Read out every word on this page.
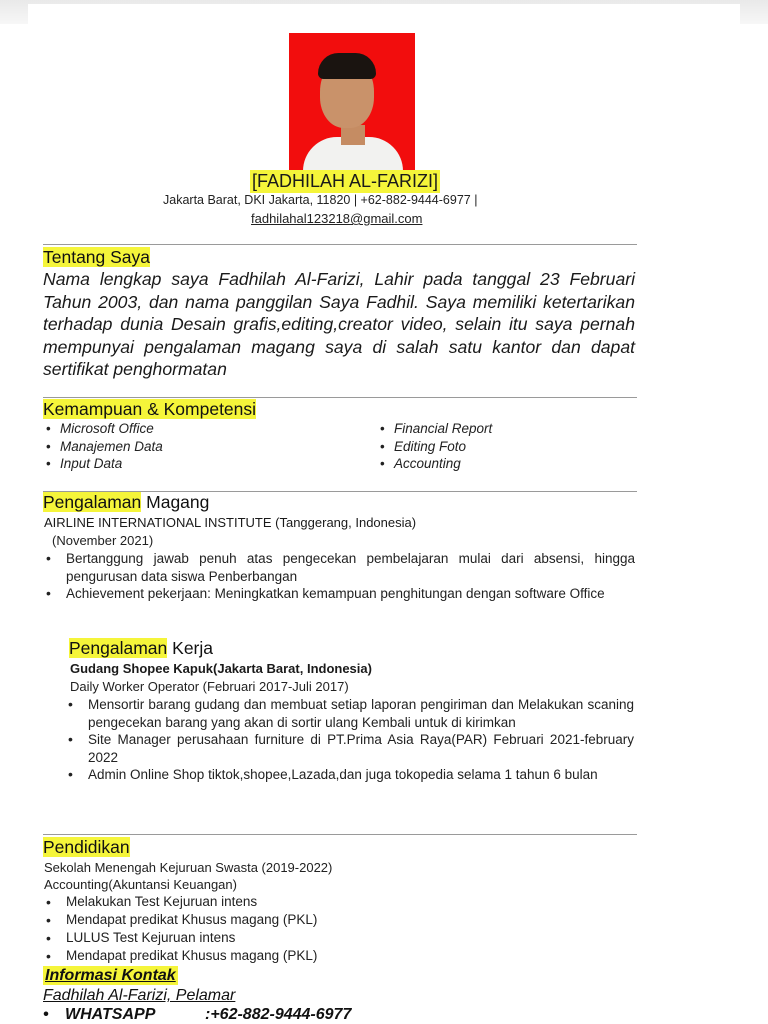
[FADHILAH AL-FARIZI]
Jakarta Barat, DKI Jakarta, 11820 | +62-882-9444-6977 |
fadhilahal123218@gmail.com
Tentang Saya
Nama lengkap saya Fadhilah Al-Farizi, Lahir pada tanggal 23 Februari Tahun 2003, dan nama panggilan Saya Fadhil. Saya memiliki ketertarikan terhadap dunia Desain grafis,editing,creator video, selain itu saya pernah mempunyai pengalaman magang saya di salah satu kantor dan dapat sertifikat penghormatan
Kemampuan & Kompetensi
• Microsoft Office
• Manajemen Data
• Input Data
• Financial Report
• Editing Foto
• Accounting
Pengalaman Magang
AIRLINE INTERNATIONAL INSTITUTE (Tanggerang, Indonesia)
(November 2021)
• Bertanggung jawab penuh atas pengecekan pembelajaran mulai dari absensi, hingga pengurusan data siswa Penberbangan
• Achievement pekerjaan: Meningkatkan kemampuan penghitungan dengan software Office
Pengalaman Kerja
Gudang Shopee Kapuk(Jakarta Barat, Indonesia)
Daily Worker Operator (Februari 2017-Juli 2017)
• Mensortir barang gudang dan membuat setiap laporan pengiriman dan Melakukan scaning pengecekan barang yang akan di sortir ulang Kembali untuk di kirimkan
• Site Manager perusahaan furniture di PT.Prima Asia Raya(PAR) Februari 2021-february 2022
• Admin Online Shop tiktok,shopee,Lazada,dan juga tokopedia selama 1 tahun 6 bulan
Pendidikan
Sekolah Menengah Kejuruan Swasta (2019-2022)
Accounting(Akuntansi Keuangan)
• Melakukan Test Kejuruan intens
• Mendapat predikat Khusus magang (PKL)
• LULUS Test Kejuruan intens
• Mendapat predikat Khusus magang (PKL)
Informasi Kontak
Fadhilah Al-Farizi, Pelamar
• WHATSAPP	:+62-882-9444-6977
